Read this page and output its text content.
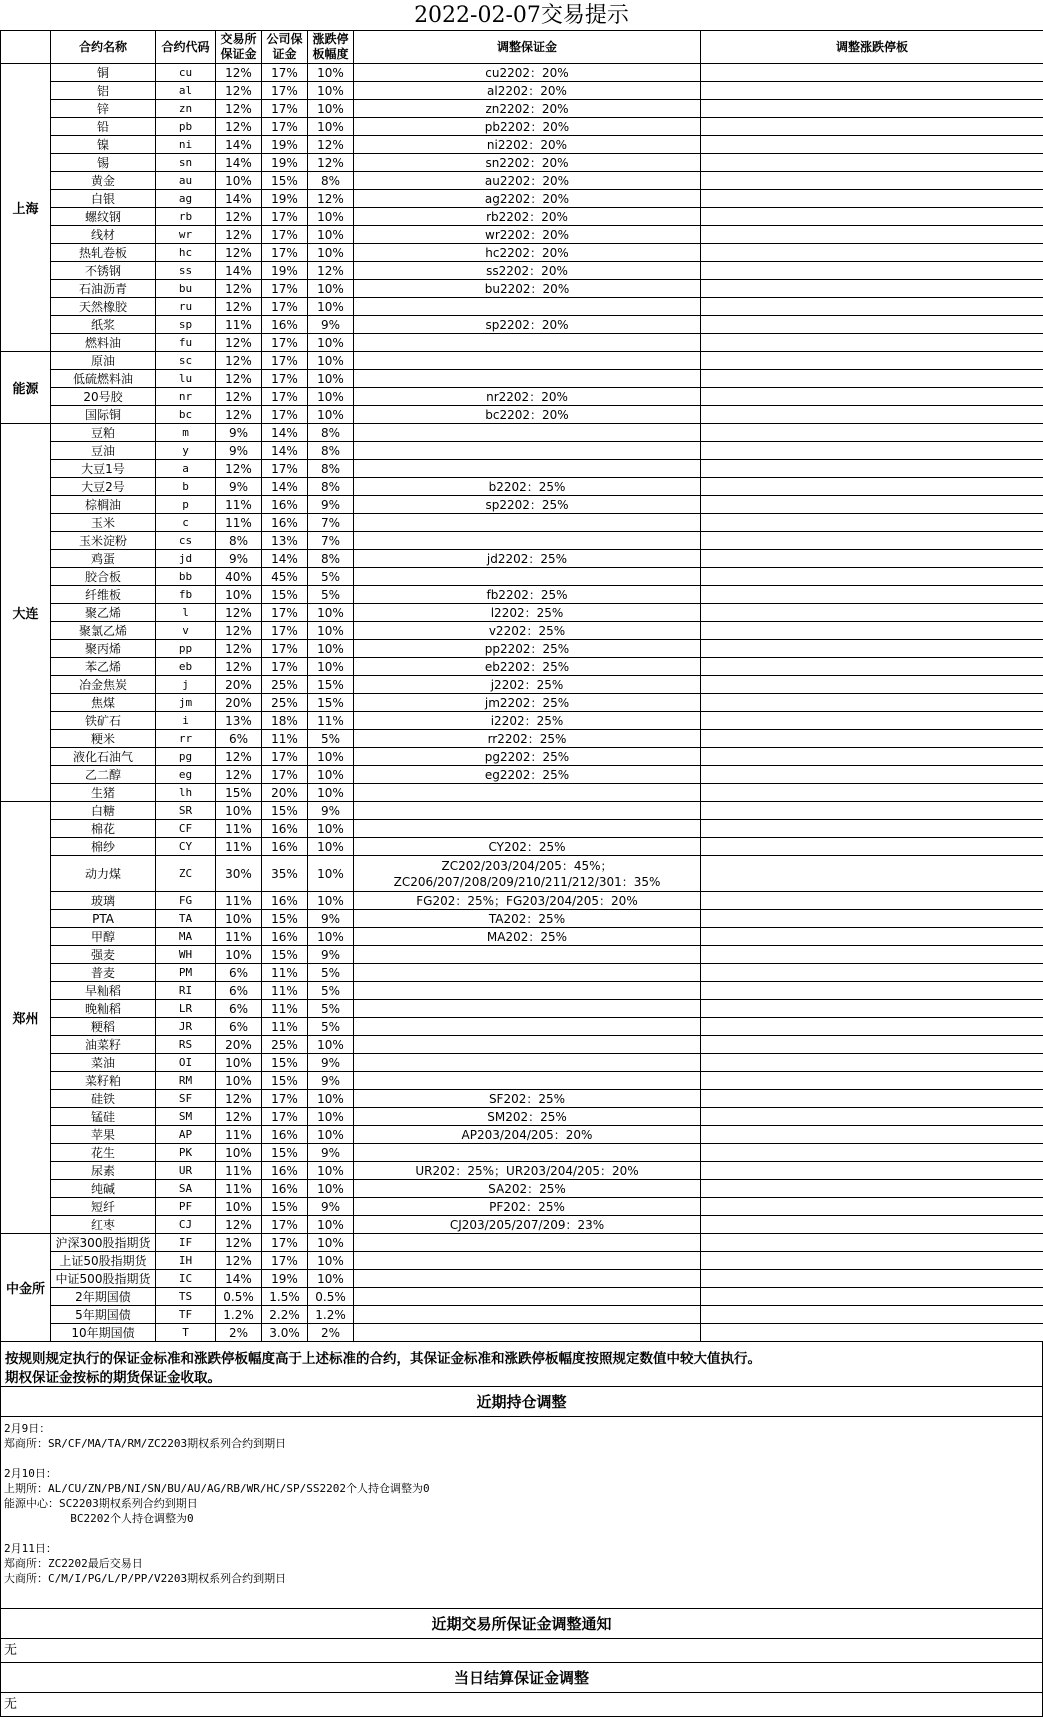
2022-02-07交易提示
	合约名称	合约代码	交易所保证金	公司保证金	涨跌停板幅度	调整保证金	调整涨跌停板
上海	铜	cu	12%	17%	10%	cu2202：20%	

	铝	al	12%	17%	10%	al2202：20%	

	锌	zn	12%	17%	10%	zn2202：20%	

	铅	pb	12%	17%	10%	pb2202：20%	

	镍	ni	14%	19%	12%	ni2202：20%	

	锡	sn	14%	19%	12%	sn2202：20%	

	黄金	au	10%	15%	8%	au2202：20%	

	白银	ag	14%	19%	12%	ag2202：20%	

	螺纹钢	rb	12%	17%	10%	rb2202：20%	

	线材	wr	12%	17%	10%	wr2202：20%	

	热轧卷板	hc	12%	17%	10%	hc2202：20%	

	不锈钢	ss	14%	19%	12%	ss2202：20%	

	石油沥青	bu	12%	17%	10%	bu2202：20%	

	天然橡胶	ru	12%	17%	10%	

	纸浆	sp	11%	16%	9%	sp2202：20%	

	燃料油	fu	12%	17%	10%	

能源	原油	sc	12%	17%	10%	

	低硫燃料油	lu	12%	17%	10%	

	20号胶	nr	12%	17%	10%	nr2202：20%	

	国际铜	bc	12%	17%	10%	bc2202：20%	

大连	豆粕	m	9%	14%	8%	

	豆油	y	9%	14%	8%	

	大豆1号	a	12%	17%	8%	

	大豆2号	b	9%	14%	8%	b2202：25%	

	棕榈油	p	11%	16%	9%	sp2202：25%	

	玉米	c	11%	16%	7%	

	玉米淀粉	cs	8%	13%	7%	

	鸡蛋	jd	9%	14%	8%	jd2202：25%	

	胶合板	bb	40%	45%	5%	

	纤维板	fb	10%	15%	5%	fb2202：25%	

	聚乙烯	l	12%	17%	10%	l2202：25%	

	聚氯乙烯	v	12%	17%	10%	v2202：25%	

	聚丙烯	pp	12%	17%	10%	pp2202：25%	

	苯乙烯	eb	12%	17%	10%	eb2202：25%	

	冶金焦炭	j	20%	25%	15%	j2202：25%	

	焦煤	jm	20%	25%	15%	jm2202：25%	

	铁矿石	i	13%	18%	11%	i2202：25%	

	粳米	rr	6%	11%	5%	rr2202：25%	

	液化石油气	pg	12%	17%	10%	pg2202：25%	

	乙二醇	eg	12%	17%	10%	eg2202：25%	

	生猪	lh	15%	20%	10%	

郑州	白糖	SR	10%	15%	9%	

	棉花	CF	11%	16%	10%	

	棉纱	CY	11%	16%	10%	CY202：25%	

	动力煤	ZC	30%	35%	10%	ZC202/203/204/205：45%；
ZC206/207/208/209/210/211/212/301：35%	

	玻璃	FG	11%	16%	10%	FG202：25%；FG203/204/205：20%	

	PTA	TA	10%	15%	9%	TA202：25%	

	甲醇	MA	11%	16%	10%	MA202：25%	

	强麦	WH	10%	15%	9%	

	普麦	PM	6%	11%	5%	

	早籼稻	RI	6%	11%	5%	

	晚籼稻	LR	6%	11%	5%	

	粳稻	JR	6%	11%	5%	

	油菜籽	RS	20%	25%	10%	

	菜油	OI	10%	15%	9%	

	菜籽粕	RM	10%	15%	9%	

	硅铁	SF	12%	17%	10%	SF202：25%	

	锰硅	SM	12%	17%	10%	SM202：25%	

	苹果	AP	11%	16%	10%	AP203/204/205：20%	

	花生	PK	10%	15%	9%	

	尿素	UR	11%	16%	10%	UR202：25%；UR203/204/205：20%	

	纯碱	SA	11%	16%	10%	SA202：25%	

	短纤	PF	10%	15%	9%	PF202：25%	

	红枣	CJ	12%	17%	10%	CJ203/205/207/209：23%	

中金所	沪深300股指期货	IF	12%	17%	10%	

	上证50股指期货	IH	12%	17%	10%	

	中证500股指期货	IC	14%	19%	10%	

	2年期国债	TS	0.5%	1.5%	0.5%	

	5年期国债	TF	1.2%	2.2%	1.2%	

	10年期国债	T	2%	3.0%	2%	

按规则规定执行的保证金标准和涨跌停板幅度高于上述标准的合约，其保证金标准和涨跌停板幅度按照规定数值中较大值执行。
期权保证金按标的期货保证金收取。
近期持仓调整
2月9日：
郑商所：SR/CF/MA/TA/RM/ZC2203期权系列合约到期日

2月10日：
上期所：AL/CU/ZN/PB/NI/SN/BU/AU/AG/RB/WR/HC/SP/SS2202个人持仓调整为0
能源中心：SC2203期权系列合约到期日
BC2202个人持仓调整为0

2月11日：
郑商所：ZC2202最后交易日
大商所：C/M/I/PG/L/P/PP/V2203期权系列合约到期日
近期交易所保证金调整通知
无
当日结算保证金调整
无
